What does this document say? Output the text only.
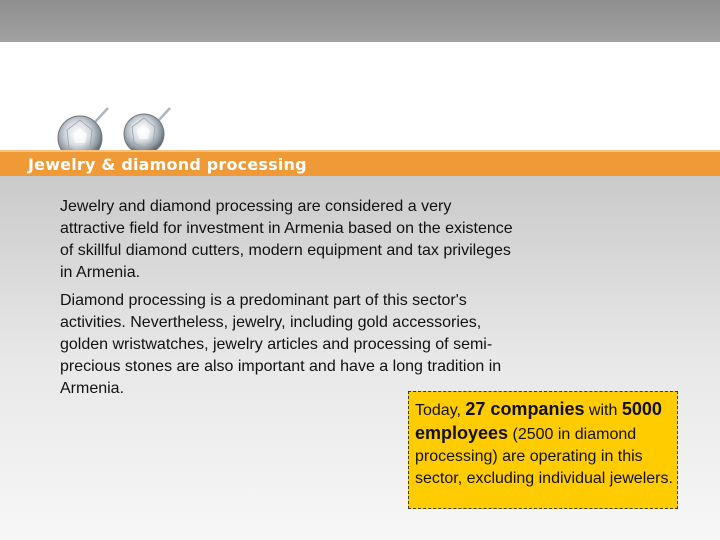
Jewelry & diamond processing

Jewelry and diamond processing are considered a very attractive field for investment in Armenia based on the existence of skillful diamond cutters, modern equipment and tax privileges in Armenia.

Diamond processing is a predominant part of this sector's activities. Nevertheless, jewelry, including gold accessories, golden wristwatches, jewelry articles and processing of semi-precious stones are also important and have a long tradition in Armenia.

Today, 27 companies with 5000 employees (2500 in diamond processing) are operating in this sector, excluding individual jewelers.
